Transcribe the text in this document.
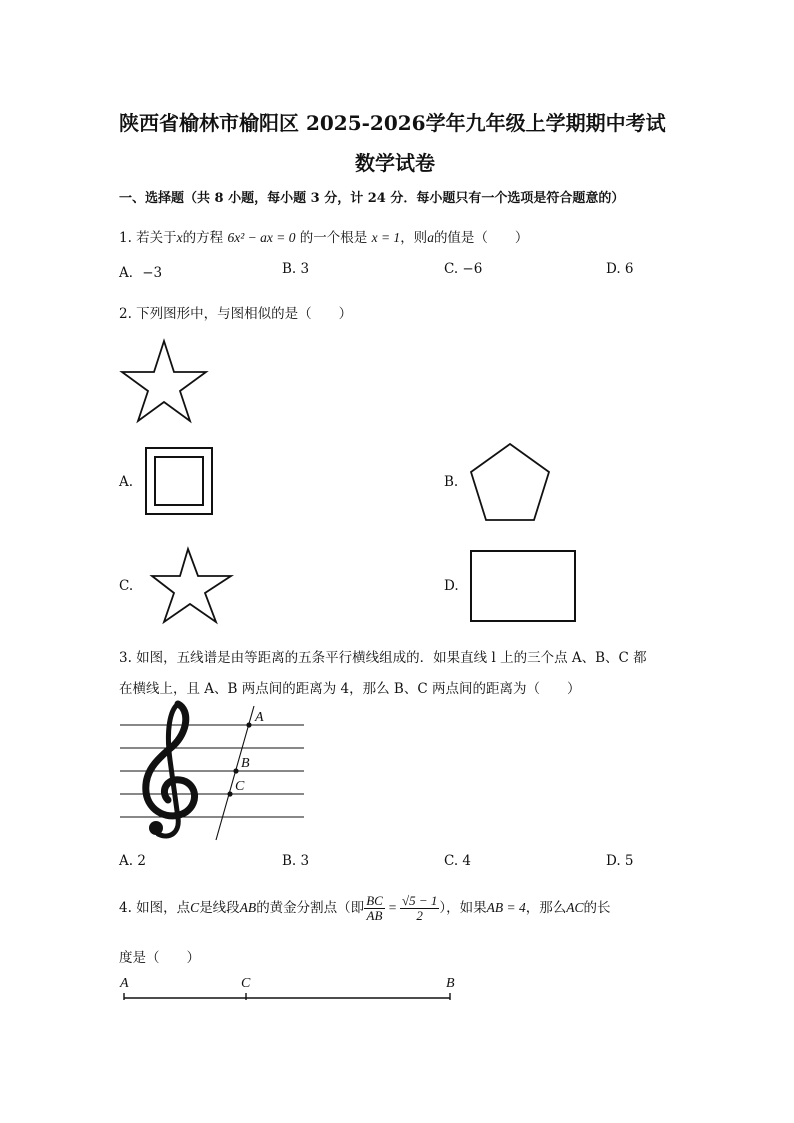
陕西省榆林市榆阳区 2025-2026学年九年级上学期期中考试
数学试卷
一、选择题（共 8 小题，每小题 3 分，计 24 分．每小题只有一个选项是符合题意的）
1. 若关于x的方程 6x² − ax = 0 的一个根是 x = 1，则a的值是（　　）
A．−3	B. 3	C. −6	D. 6
2. 下列图形中，与图相似的是（　　）
A.	B.
C.	D.
3. 如图，五线谱是由等距离的五条平行横线组成的．如果直线 l 上的三个点 A、B、C 都
在横线上，且 A、B 两点间的距离为 4，那么 B、C 两点间的距离为（　　）
A
B
C
A. 2	B. 3	C. 4	D. 5
4. 如图，点C是线段AB的黄金分割点（即 $\frac{BC}{AB} = \frac{√5 - 1}{2}$ ），如果AB = 4，那么AC的长
度是（　　）
A	C	B
